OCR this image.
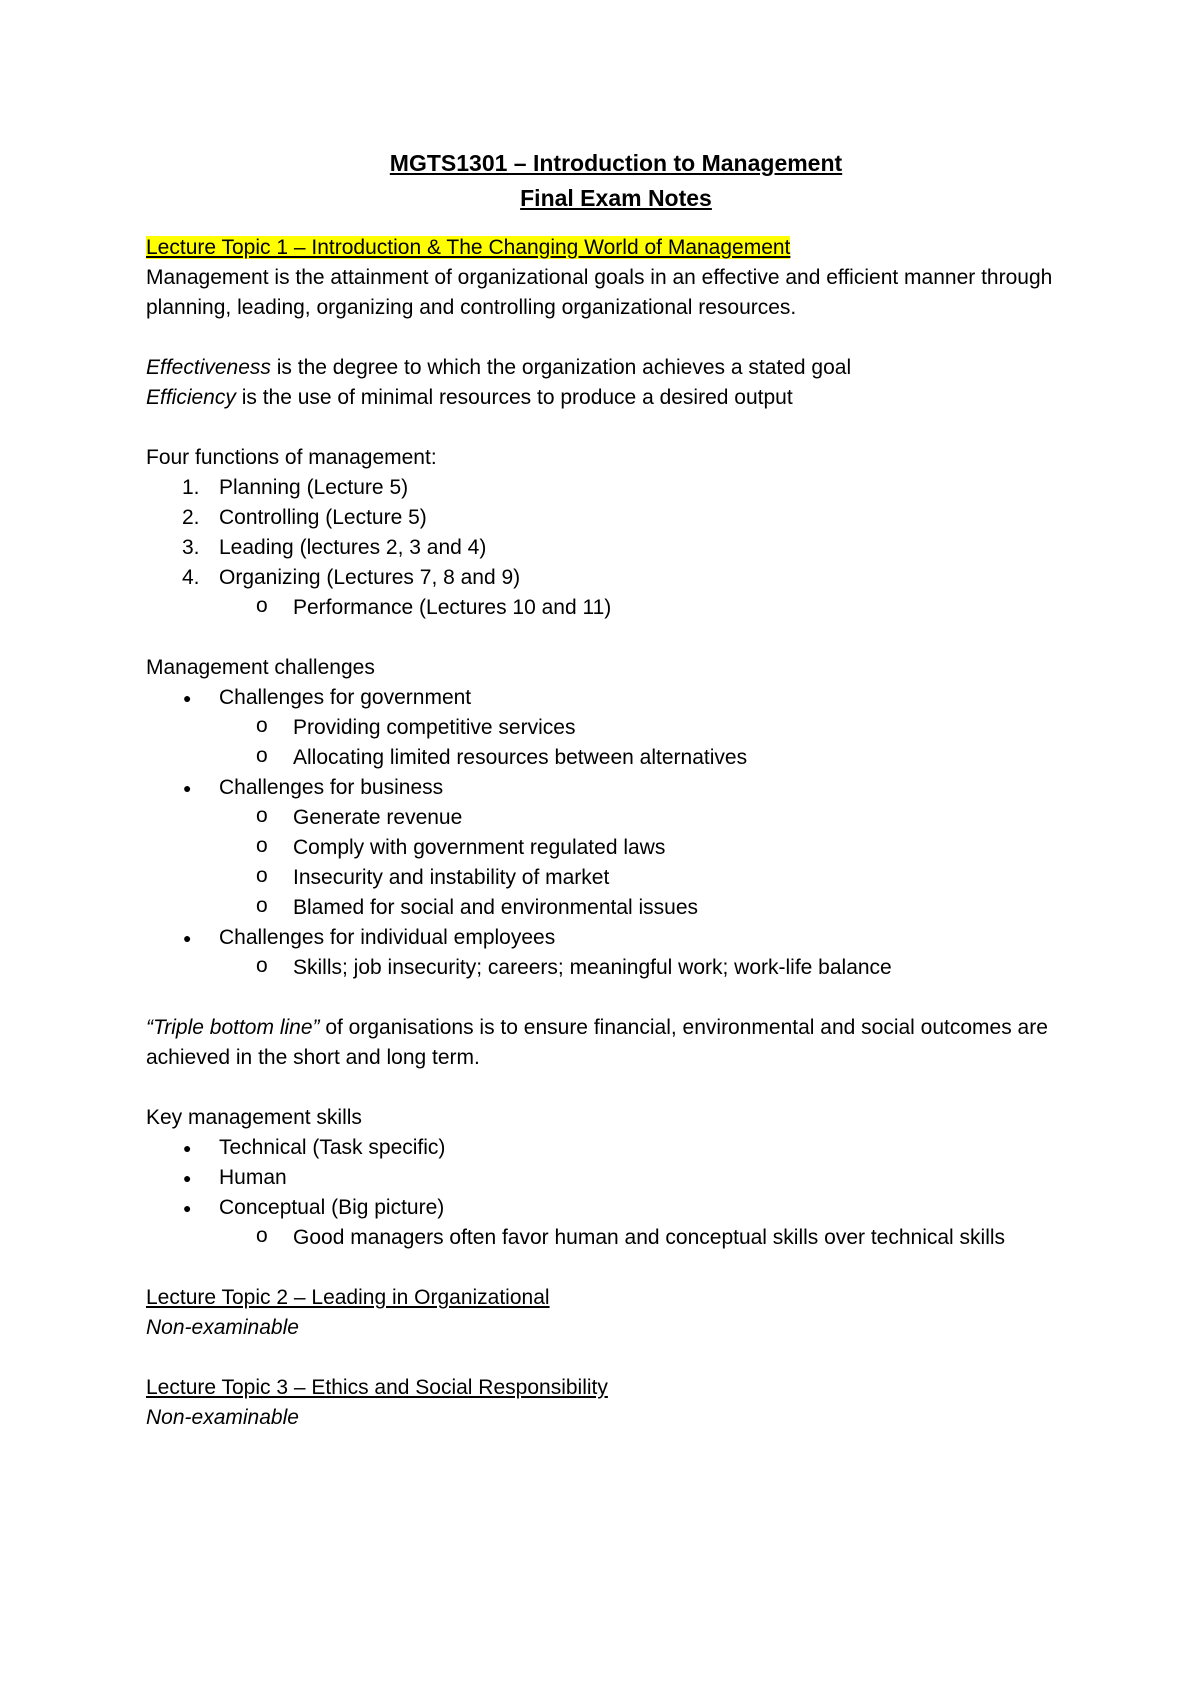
MGTS1301 – Introduction to Management

Final Exam Notes

Lecture Topic 1 – Introduction & The Changing World of Management

Management is the attainment of organizational goals in an effective and efficient manner through planning, leading, organizing and controlling organizational resources.

Effectiveness is the degree to which the organization achieves a stated goal

Efficiency is the use of minimal resources to produce a desired output

Four functions of management:

1. Planning (Lecture 5)
2. Controlling (Lecture 5)
3. Leading (lectures 2, 3 and 4)
4. Organizing (Lectures 7, 8 and 9)
o Performance (Lectures 10 and 11)

Management challenges

● Challenges for government
o Providing competitive services
o Allocating limited resources between alternatives
● Challenges for business
o Generate revenue
o Comply with government regulated laws
o Insecurity and instability of market
o Blamed for social and environmental issues
● Challenges for individual employees
o Skills; job insecurity; careers; meaningful work; work-life balance

“Triple bottom line” of organisations is to ensure financial, environmental and social outcomes are achieved in the short and long term.

Key management skills

● Technical (Task specific)
● Human
● Conceptual (Big picture)
o Good managers often favor human and conceptual skills over technical skills

Lecture Topic 2 – Leading in Organizational

Non-examinable

Lecture Topic 3 – Ethics and Social Responsibility

Non-examinable
